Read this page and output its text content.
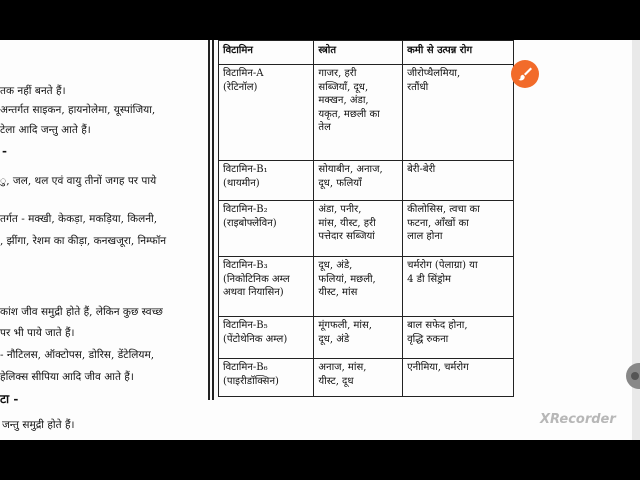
तक नहीं बनते हैं।
अन्तर्गत साइकन, हायनोलेमा, यूस्पांजिया,
टेला आदि जन्तु आते हैं।
-
ु, जल, थल एवं वायु तीनों जगह पर पाये
तर्गत - मक्खी, केकड़ा, मकड़िया, किलनी,
, झींगा, रेशम का कीड़ा, कनखजूरा, निम्फॉन
कांश जीव समुद्री होते हैं, लेकिन कुछ स्वच्छ
पर भी पाये जाते हैं।
- नौटिलस, ऑक्टोपस, डोरिस, डेंटेलियम,
हेलिक्स सीपिया आदि जीव आते हैं।
टा -
जन्तु समुद्री होते हैं।
विटामिन	स्त्रोत	कमी से उत्पन्न रोग
विटामिन-A
(रेटिनॉल)	गाजर, हरी
सब्जियाँ, दूध,
मक्खन, अंडा,
यकृत, मछली का
तेल	जीरोप्थैलमिया,
रतौंधी
विटामिन-B₁
(थायमीन)	सोयाबीन, अनाज,
दूध, फलियाँ	बेरी-बेरी
विटामिन-B₂
(राइबोफ्लेविन)	अंडा, पनीर,
मांस, यीस्ट, हरी
पत्तेदार सब्जियां	कीलोसिस, त्वचा का
फटना, आँखों का
लाल होना
विटामिन-B₃
(निकोटिनिक अम्ल
अथवा नियासिन)	दूध, अंडे,
फलियां, मछली,
यीस्ट, मांस	चर्मरोग (पेलाग्रा) या
4 डी सिंड्रोम
विटामिन-B₅
(पेंटोथेनिक अम्ल)	मूंगफली, मांस,
दूध, अंडे	बाल सफेद होना,
वृद्धि रुकना
विटामिन-B₆
(पाइरीडॉक्सिन)	अनाज, मांस,
यीस्ट, दूध	एनीमिया, चर्मरोग
XRecorder
